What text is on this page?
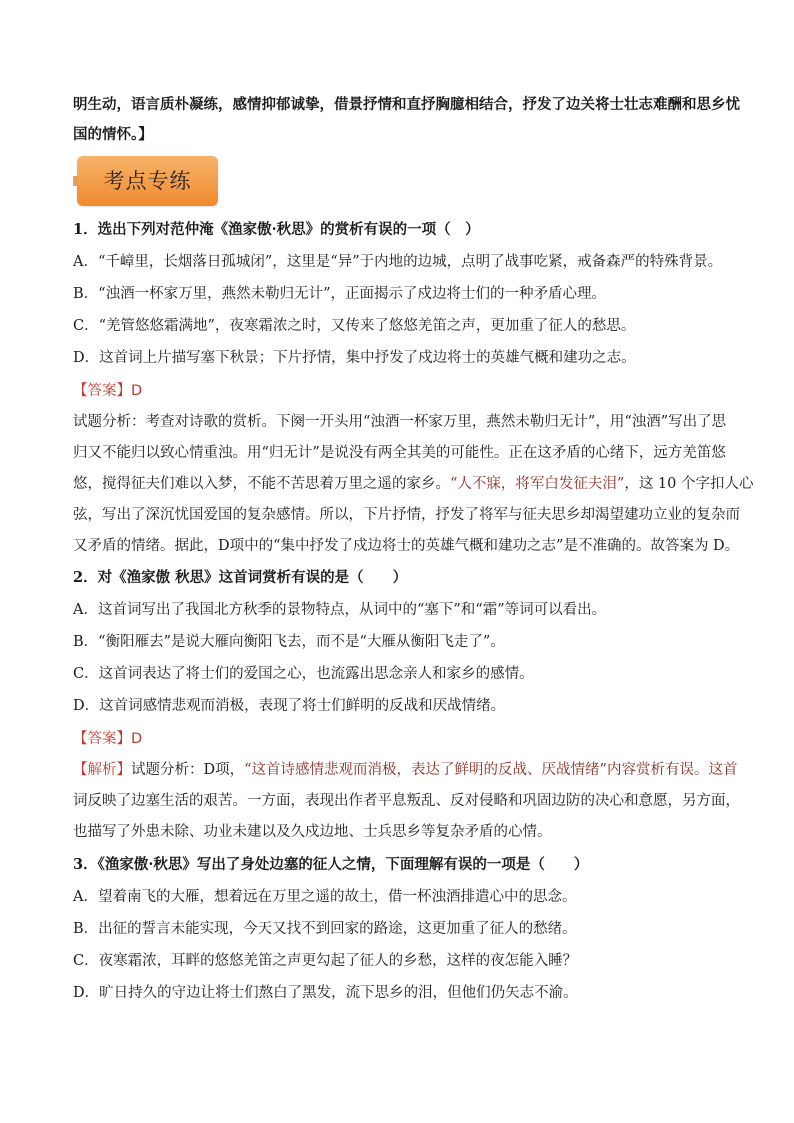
明生动，语言质朴凝练，感情抑郁诚挚，借景抒情和直抒胸臆相结合，抒发了边关将士壮志难酬和思乡忧
国的情怀。】
考点专练
1．选出下列对范仲淹《渔家傲·秋思》的赏析有误的一项（　）
A．“千嶂里，长烟落日孤城闭”，这里是“异”于内地的边城，点明了战事吃紧，戒备森严的特殊背景。
B．“浊酒一杯家万里，燕然未勒归无计”，正面揭示了戍边将士们的一种矛盾心理。
C．“羌管悠悠霜满地”，夜寒霜浓之时，又传来了悠悠羌笛之声，更加重了征人的愁思。
D．这首词上片描写塞下秋景；下片抒情，集中抒发了戍边将士的英雄气概和建功之志。
【答案】D
试题分析：考查对诗歌的赏析。下阕一开头用“浊酒一杯家万里，燕然未勒归无计”，用“浊酒”写出了思
归又不能归以致心情重浊。用“归无计”是说没有两全其美的可能性。正在这矛盾的心绪下，远方羌笛悠
悠，搅得征夫们难以入梦，不能不苦思着万里之遥的家乡。“人不寐，将军白发征夫泪”，这 10 个字扣人心
弦，写出了深沉忧国爱国的复杂感情。所以，下片抒情，抒发了将军与征夫思乡却渴望建功立业的复杂而
又矛盾的情绪。据此，D项中的“集中抒发了戍边将士的英雄气概和建功之志”是不准确的。故答案为 D。
2．对《渔家傲 秋思》这首词赏析有误的是（　　）
A．这首词写出了我国北方秋季的景物特点，从词中的“塞下”和“霜”等词可以看出。
B．“衡阳雁去”是说大雁向衡阳飞去，而不是“大雁从衡阳飞走了”。
C．这首词表达了将士们的爱国之心，也流露出思念亲人和家乡的感情。
D．这首词感情悲观而消极，表现了将士们鲜明的反战和厌战情绪。
【答案】D
【解析】试题分析：D项，“这首诗感情悲观而消极，表达了鲜明的反战、厌战情绪”内容赏析有误。这首
词反映了边塞生活的艰苦。一方面，表现出作者平息叛乱、反对侵略和巩固边防的决心和意愿，另方面，
也描写了外患未除、功业未建以及久戍边地、士兵思乡等复杂矛盾的心情。
3．《渔家傲·秋思》写出了身处边塞的征人之情，下面理解有误的一项是（　　）
A．望着南飞的大雁，想着远在万里之遥的故土，借一杯浊酒排遣心中的思念。
B．出征的誓言未能实现，今天又找不到回家的路途，这更加重了征人的愁绪。
C．夜寒霜浓，耳畔的悠悠羌笛之声更勾起了征人的乡愁，这样的夜怎能入睡？
D．旷日持久的守边让将士们熬白了黑发，流下思乡的泪，但他们仍矢志不渝。
